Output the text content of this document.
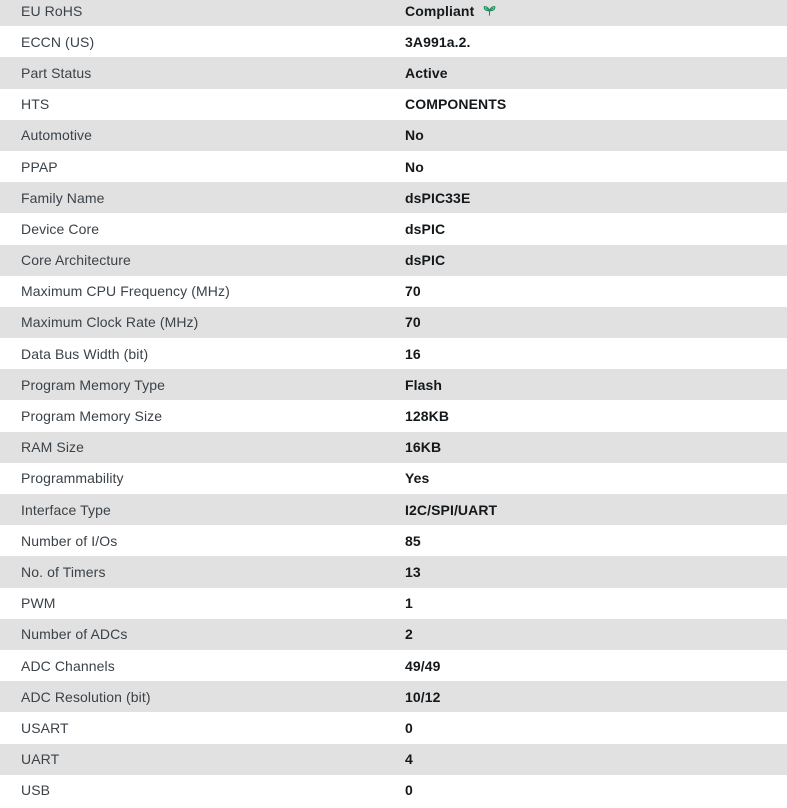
EU RoHS	Compliant
ECCN (US)	3A991a.2.
Part Status	Active
HTS	COMPONENTS
Automotive	No
PPAP	No
Family Name	dsPIC33E
Device Core	dsPIC
Core Architecture	dsPIC
Maximum CPU Frequency (MHz)	70
Maximum Clock Rate (MHz)	70
Data Bus Width (bit)	16
Program Memory Type	Flash
Program Memory Size	128KB
RAM Size	16KB
Programmability	Yes
Interface Type	I2C/SPI/UART
Number of I/Os	85
No. of Timers	13
PWM	1
Number of ADCs	2
ADC Channels	49/49
ADC Resolution (bit)	10/12
USART	0
UART	4
USB	0
